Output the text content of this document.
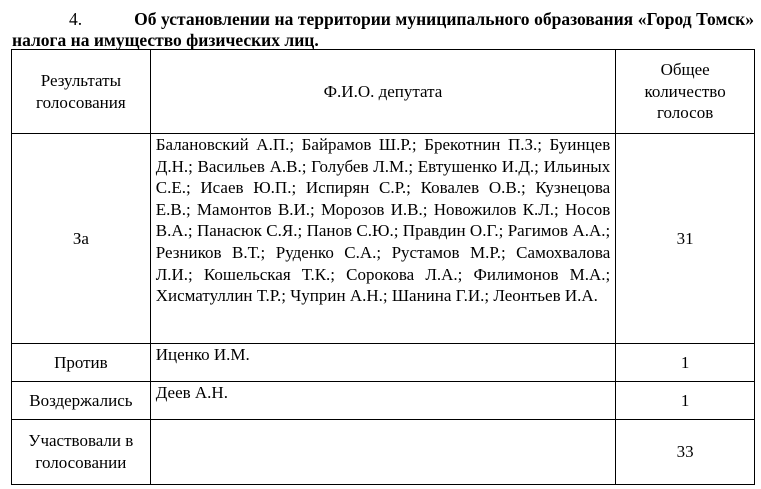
4.	Об установлении на территории муниципального образования «Город Томск» налога на имущество физических лиц.
Результаты голосования	Ф.И.О. депутата	Общее количество голосов
За	Балановский А.П.; Байрамов Ш.Р.; Брекотнин П.З.; Буинцев Д.Н.; Васильев А.В.; Голубев Л.М.; Евтушенко И.Д.; Ильиных С.Е.; Исаев Ю.П.; Испирян С.Р.; Ковалев О.В.; Кузнецова Е.В.; Мамонтов В.И.; Морозов И.В.; Новожилов К.Л.; Носов В.А.; Панасюк С.Я.; Панов С.Ю.; Правдин О.Г.; Рагимов А.А.; Резников В.Т.; Руденко С.А.; Рустамов М.Р.; Самохвалова Л.И.; Кошельская Т.К.; Сорокова Л.А.; Филимонов М.А.; Хисматуллин Т.Р.; Чуприн А.Н.; Шанина Г.И.; Леонтьев И.А.	31
Против	Иценко И.М.	1
Воздержались	Деев А.Н.	1
Участвовали в голосовании		33
